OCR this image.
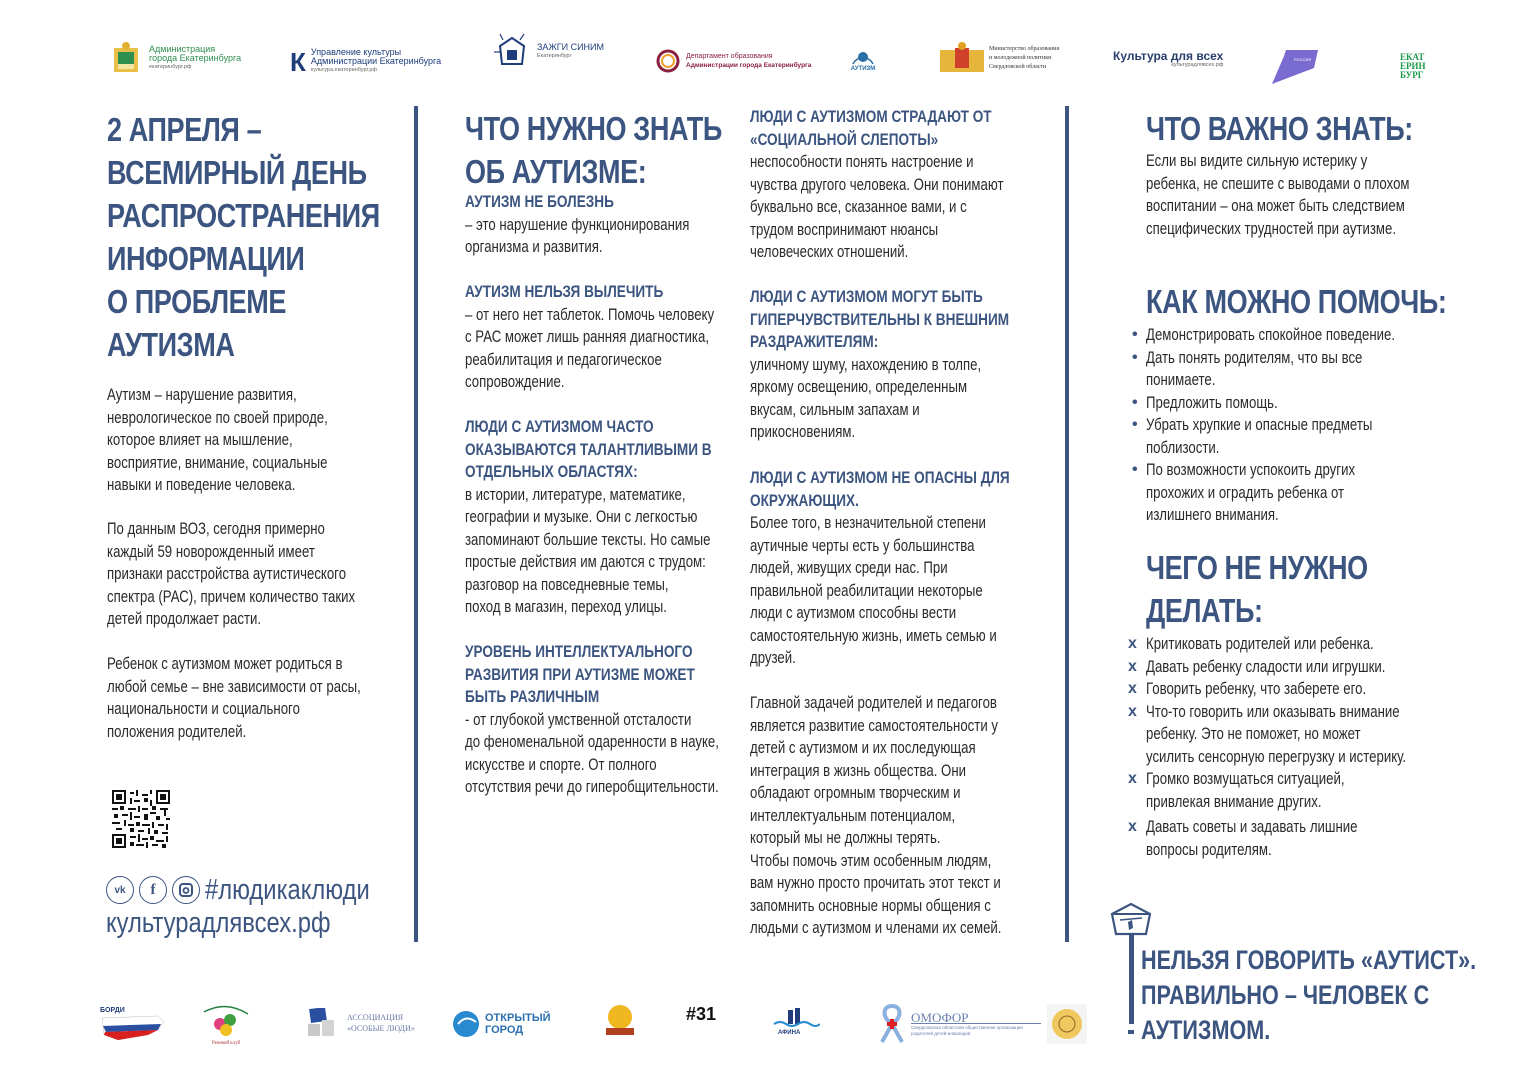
Администрация
города Екатеринбурга
екатеринбург.рф	К Управление культуры
Администрации Екатеринбурга
культура.екатеринбург.рф
ЗАЖГИ СИНИМ
Екатеринбург	Департамент образования
Администрации города Екатеринбурга	АУТИЗМ
Министерство образования
и молодежной политики
Свердловской области
Культура для всех
культурадлявсех.рф
РОССИЯ	ЕКАТ
ЕРИН
БУРГ

2 АПРЕЛЯ –

ВСЕМИРНЫЙ ДЕНЬ

РАСПРОСТРАНЕНИЯ

ИНФОРМАЦИИ

О ПРОБЛЕМЕ

АУТИЗМА

Аутизм – нарушение развития,

неврологическое по своей природе,

которое влияет на мышление,

восприятие, внимание, социальные

навыки и поведение человека.

По данным ВОЗ, сегодня примерно

каждый 59 новорожденный имеет

признаки расстройства аутистического

спектра (РАС), причем количество таких

детей продолжает расти.

Ребенок с аутизмом может родиться в

любой семье – вне зависимости от расы,

национальности и социального

положения родителей.

vk	f	#людикаклюди
культурадлявсех.рф

ЧТО НУЖНО ЗНАТЬ

ОБ АУТИЗМЕ:

АУТИЗМ НЕ БОЛЕЗНЬ

– это нарушение функционирования

организма и развития.

АУТИЗМ НЕЛЬЗЯ ВЫЛЕЧИТЬ

– от него нет таблеток. Помочь человеку

с РАС может лишь ранняя диагностика,

реабилитация и педагогическое

сопровождение.

ЛЮДИ С АУТИЗМОМ ЧАСТО

ОКАЗЫВАЮТСЯ ТАЛАНТЛИВЫМИ В

ОТДЕЛЬНЫХ ОБЛАСТЯХ:

в истории, литературе, математике,

географии и музыке. Они с легкостью

запоминают большие тексты. Но самые

простые действия им даются с трудом:

разговор на повседневные темы,

поход в магазин, переход улицы.

УРОВЕНЬ ИНТЕЛЛЕКТУАЛЬНОГО

РАЗВИТИЯ ПРИ АУТИЗМЕ МОЖЕТ

БЫТЬ РАЗЛИЧНЫМ

- от глубокой умственной отсталости

до феноменальной одаренности в науке,

искусстве и спорте. От полного

отсутствия речи до гиперобщительности.

ЛЮДИ С АУТИЗМОМ СТРАДАЮТ ОТ

«СОЦИАЛЬНОЙ СЛЕПОТЫ»

неспособности понять настроение и

чувства другого человека. Они понимают

буквально все, сказанное вами, и с

трудом воспринимают нюансы

человеческих отношений.

ЛЮДИ С АУТИЗМОМ МОГУТ БЫТЬ

ГИПЕРЧУВСТВИТЕЛЬНЫ К ВНЕШНИМ

РАЗДРАЖИТЕЛЯМ:

уличному шуму, нахождению в толпе,

яркому освещению, определенным

вкусам, сильным запахам и

прикосновениям.

ЛЮДИ С АУТИЗМОМ НЕ ОПАСНЫ ДЛЯ

ОКРУЖАЮЩИХ.

Более того, в незначительной степени

аутичные черты есть у большинства

людей, живущих среди нас. При

правильной реабилитации некоторые

люди с аутизмом способны вести

самостоятельную жизнь, иметь семью и

друзей.

Главной задачей родителей и педагогов

является развитие самостоятельности у

детей с аутизмом и их последующая

интеграция в жизнь общества. Они

обладают огромным творческим и

интеллектуальным потенциалом,

который мы не должны терять.

Чтобы помочь этим особенным людям,

вам нужно просто прочитать этот текст и

запомнить основные нормы общения с

людьми с аутизмом и членами их семей.

ЧТО ВАЖНО ЗНАТЬ:

Если вы видите сильную истерику у

ребенка, не спешите с выводами о плохом

воспитании – она может быть следствием

специфических трудностей при аутизме.

КАК МОЖНО ПОМОЧЬ:

• Демонстрировать спокойное поведение.

• Дать понять родителям, что вы все

понимаете.

• Предложить помощь.

• Убрать хрупкие и опасные предметы

поблизости.

• По возможности успокоить других

прохожих и оградить ребенка от

излишнего внимания.

ЧЕГО НЕ НУЖНО

ДЕЛАТЬ:

x Критиковать родителей или ребенка.

x Давать ребенку сладости или игрушки.

x Говорить ребенку, что заберете его.

x Что-то говорить или оказывать внимание

ребенку. Это не поможет, но может

усилить сенсорную перегрузку и истерику.

x Громко возмущаться ситуацией,

привлекая внимание других.

x Давать советы и задавать лишние

вопросы родителям.

НЕЛЬЗЯ ГОВОРИТЬ «АУТИСТ».

ПРАВИЛЬНО – ЧЕЛОВЕК С

АУТИЗМОМ.

БОРДИ
Речевой клуб
АССОЦИАЦИЯ
«ОСОБЫЕ ЛЮДИ»
ОТКРЫТЫЙ
ГОРОД
#31
АФИНА
ОМОФОР
Свердловская областная общественная организация родителей детей-инвалидов
